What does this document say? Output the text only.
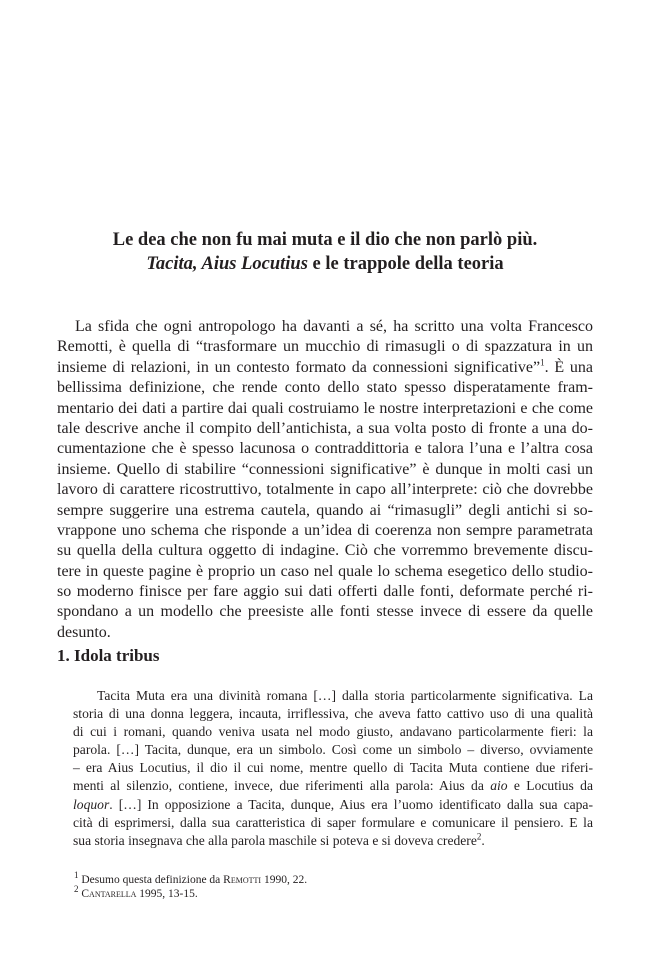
Le dea che non fu mai muta e il dio che non parlò più.
Tacita, Aius Locutius e le trappole della teoria
La sfida che ogni antropologo ha davanti a sé, ha scritto una volta Francesco
Remotti, è quella di “trasformare un mucchio di rimasugli o di spazzatura in un
insieme di relazioni, in un contesto formato da connessioni significative”$^1$. È una
bellissima definizione, che rende conto dello stato spesso disperatamente fram-
mentario dei dati a partire dai quali costruiamo le nostre interpretazioni e che come
tale descrive anche il compito dell’antichista, a sua volta posto di fronte a una do-
cumentazione che è spesso lacunosa o contraddittoria e talora l’una e l’altra cosa
insieme. Quello di stabilire “connessioni significative” è dunque in molti casi un
lavoro di carattere ricostruttivo, totalmente in capo all’interprete: ciò che dovrebbe
sempre suggerire una estrema cautela, quando ai “rimasugli” degli antichi si so-
vrappone uno schema che risponde a un’idea di coerenza non sempre parametrata
su quella della cultura oggetto di indagine. Ciò che vorremmo brevemente discu-
tere in queste pagine è proprio un caso nel quale lo schema esegetico dello studio-
so moderno finisce per fare aggio sui dati offerti dalle fonti, deformate perché ri-
spondano a un modello che preesiste alle fonti stesse invece di essere da quelle
desunto.
1. Idola tribus
Tacita Muta era una divinità romana […] dalla storia particolarmente significativa. La
storia di una donna leggera, incauta, irriflessiva, che aveva fatto cattivo uso di una qualità
di cui i romani, quando veniva usata nel modo giusto, andavano particolarmente fieri: la
parola. […] Tacita, dunque, era un simbolo. Così come un simbolo – diverso, ovviamente
– era Aius Locutius, il dio il cui nome, mentre quello di Tacita Muta contiene due riferi-
menti al silenzio, contiene, invece, due riferimenti alla parola: Aius da aio e Locutius da
loquor. […] In opposizione a Tacita, dunque, Aius era l’uomo identificato dalla sua capa-
cità di esprimersi, dalla sua caratteristica di saper formulare e comunicare il pensiero. E la
sua storia insegnava che alla parola maschile si poteva e si doveva credere$^2$.
$^1$ Desumo questa definizione da Remotti 1990, 22.
$^2$ Cantarella 1995, 13-15.
